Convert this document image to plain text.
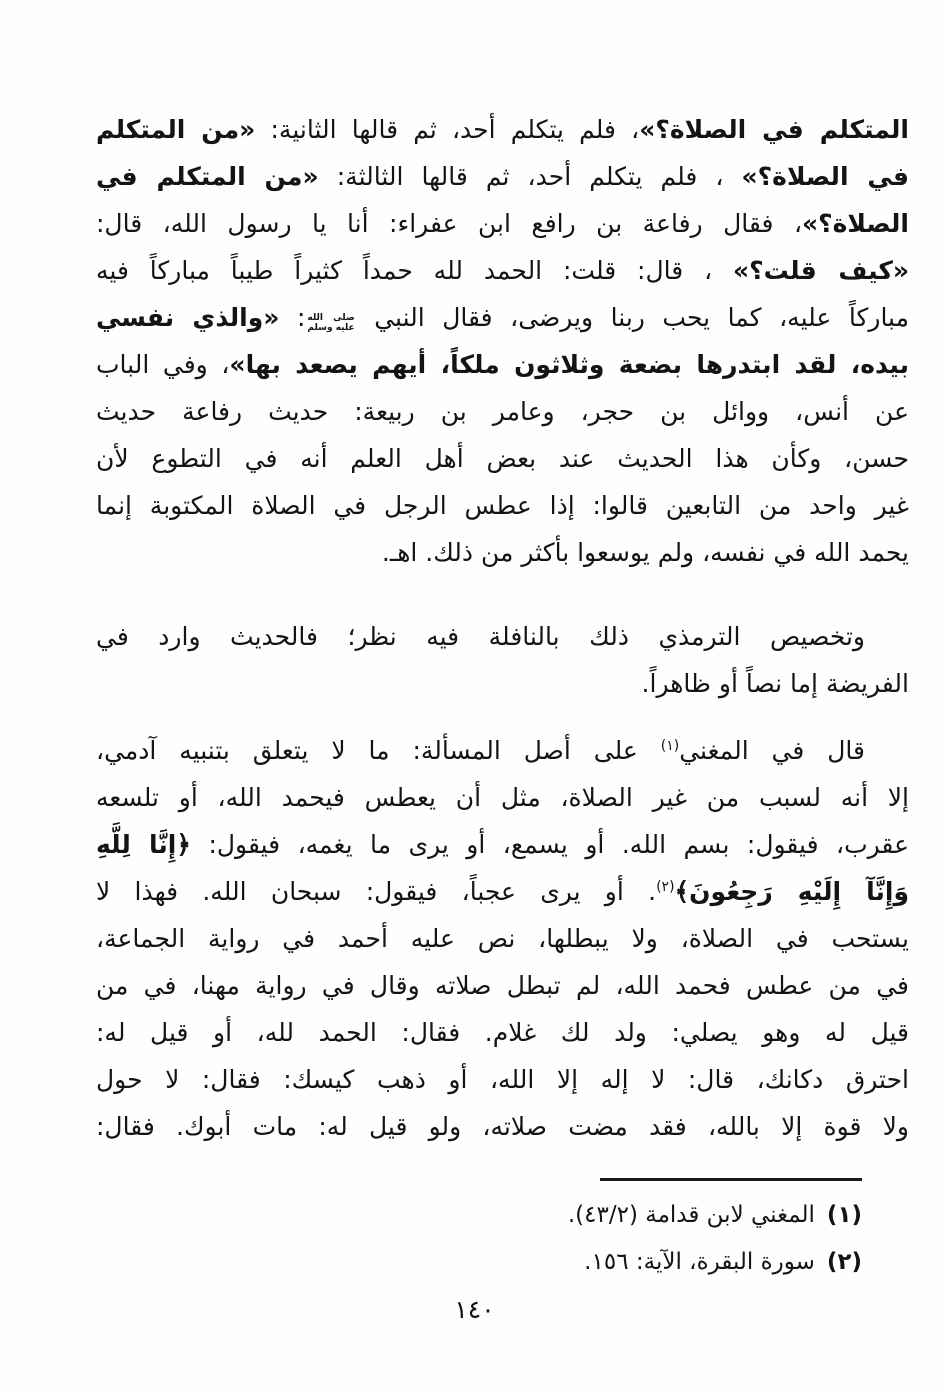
المتكلم في الصلاة؟»، فلم يتكلم أحد، ثم قالها الثانية: «من المتكلم
في الصلاة؟» ، فلم يتكلم أحد، ثم قالها الثالثة: «من المتكلم في
الصلاة؟»، فقال رفاعة بن رافع ابن عفراء: أنا يا رسول الله، قال:
«كيف قلت؟» ، قال: قلت: الحمد لله حمداً كثيراً طيباً مباركاً فيه
مباركاً عليه، كما يحب ربنا ويرضى، فقال النبي
صلى الله
عليه وسلم
: «والذي نفسي
بيده، لقد ابتدرها بضعة وثلاثون ملكاً، أيهم يصعد بها»، وفي الباب
عن أنس، ووائل بن حجر، وعامر بن ربيعة: حديث رفاعة حديث
حسن، وكأن هذا الحديث عند بعض أهل العلم أنه في التطوع لأن
غير واحد من التابعين قالوا: إذا عطس الرجل في الصلاة المكتوبة إنما
يحمد الله في نفسه، ولم يوسعوا بأكثر من ذلك. اهـ.
وتخصيص الترمذي ذلك بالنافلة فيه نظر؛ فالحديث وارد في
الفريضة إما نصاً أو ظاهراً.
قال في المغني$^{(١)}$ على أصل المسألة: ما لا يتعلق بتنبيه آدمي،
إلا أنه لسبب من غير الصلاة، مثل أن يعطس فيحمد الله، أو تلسعه
عقرب، فيقول: بسم الله. أو يسمع، أو يرى ما يغمه، فيقول: ﴿إِنَّا لِلَّهِ
وَإِنَّآ إِلَيْهِ رَجِعُونَ﴾$^{(٢)}$. أو يرى عجباً، فيقول: سبحان الله. فهذا لا
يستحب في الصلاة، ولا يبطلها، نص عليه أحمد في رواية الجماعة،
في من عطس فحمد الله، لم تبطل صلاته وقال في رواية مهنا، في من
قيل له وهو يصلي: ولد لك غلام. فقال: الحمد لله، أو قيل له:
احترق دكانك، قال: لا إله إلا الله، أو ذهب كيسك: فقال: لا حول
ولا قوة إلا بالله، فقد مضت صلاته، ولو قيل له: مات أبوك. فقال:
(١)المغني لابن قدامة (٤٣/٢).
(٢)سورة البقرة، الآية: ١٥٦.
١٤٠
